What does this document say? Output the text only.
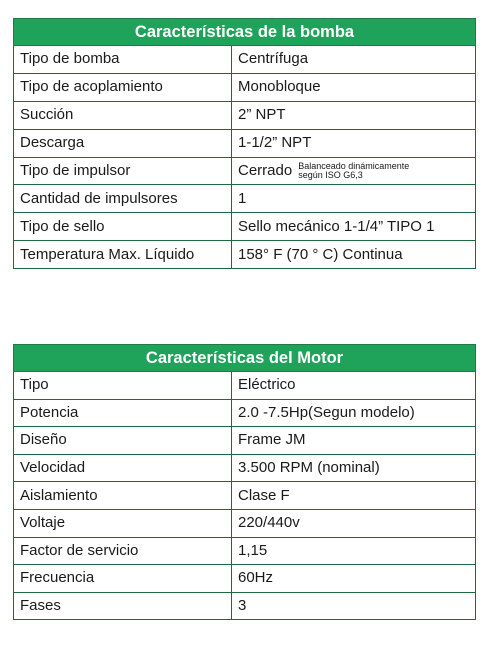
Características de la bomba	
Tipo de bomba	Centrífuga
Tipo de acoplamiento	Monobloque
Succión	2” NPT
Descarga	1-1/2” NPT
Tipo de impulsor	Cerrado Balanceado dinámicamente
según ISO G6,3

Cantidad de impulsores	1
Tipo de sello	Sello mecánico 1-1/4” TIPO 1
Temperatura Max. Líquido	158° F (70 ° C) Continua
Características del Motor	
Tipo	Eléctrico
Potencia	2.0 -7.5Hp(Segun modelo)
Diseño	Frame JM
Velocidad	3.500 RPM (nominal)
Aislamiento	Clase F
Voltaje	220/440v
Factor de servicio	1,15
Frecuencia	60Hz
Fases	3
